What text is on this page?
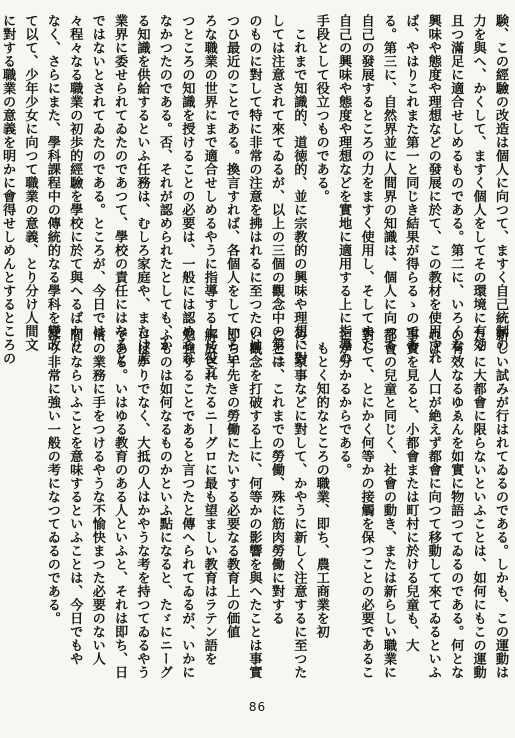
験、この經驗の改造は個人に向つて、ますく自己統制の
力を與へ、かくして、ますく個人をしてその環境に有効
且つ滿足に適合せしめるものである。第二に、いろくな
興味や態度や理想などの發展に於て、この教材を使用すれ
ば、やはりこれまた第一と同じき結果が得らるゝのであ
る。第三に、自然界並に人間界の知識は、個人に向つて、
自己の發展するところの力をますく使用し、そしてまた
自己の興味や態度や理想などを實地に適用する上に指導の
手段として役立つものである。
　これまで知識的、道徳的、並に宗教的の興味や理想に對
しては注意されて來てゐるが、以上の三個の觀念中の第三
のものに對して特に非常の注意を拂はれるに至つたのは、
つひ最近のことである。換言すれば、各個人をしていろい
ろな職業の世界にまで適合せしめるやうに指導する上に役立
つところの知識を授けることの必要は、一般には認められ
なかつたのである。否、それが認められたとしても、か
る知識を供給するといふ任務は、むしろ家庭や、または産
業界に委せられてゐたのであつて、學校の責任にはなると
ではないとされてゐたのである。ところが、今日では、
々程々なる職業の初歩的經驗を學校に於て與へるばかり
なく、さらにまた、學科課程中の傳統的なる學科を變改
て以て、少年少女に向つて職業の意義、とり分け人間文
に對する職業の意義を明かに會得せしめんとするところの
新しい試みが行はれてゐるのである。しかも、この運動は
たゞに大都會に限らないといふことは、如何にもこの運動
の有效なるゆゑんを如實に物語つてゐるのである。何とな
れば、人口が絶えず都會に向つて移動して來てゐるといふ
事實を見ると、小都會または町村に於ける兒童も、大
都會の兒童と同じく、社會の動き、または新らしい職業に
對して、とにかく何等かの接觸を保つことの必要であるこ
とが分かるからである。
　もとく知的なところの職業、即ち、農工商業を初
め、家事などに對して、かやうに新しく注意するに至つた
ことは、これまでの勞働、殊に筋肉勞働に對する
い觀念を打破する上に、何等かの影響を與へたことは事實
即ち手先きの勞働にたいする必要なる教育上の価値
解放されたるニーグロに最も望ましい教育はラテン語を
勉強することであると言つたと傳へられてゐるが、いかに
ふものは如何なるものかといふ點になると、たゞにニーグ
ロばかりでなく、大抵の人はかやうな考を持つてゐるやう
である。いはゆる教育のある人といふと、それは即ち、日
常の業務に手をつけるやうな不愉快まつた必要のない人
間にならいふことを意味するといふことは、今日でもや
はり非常に強い一般の考になつてゐるのである。
86
